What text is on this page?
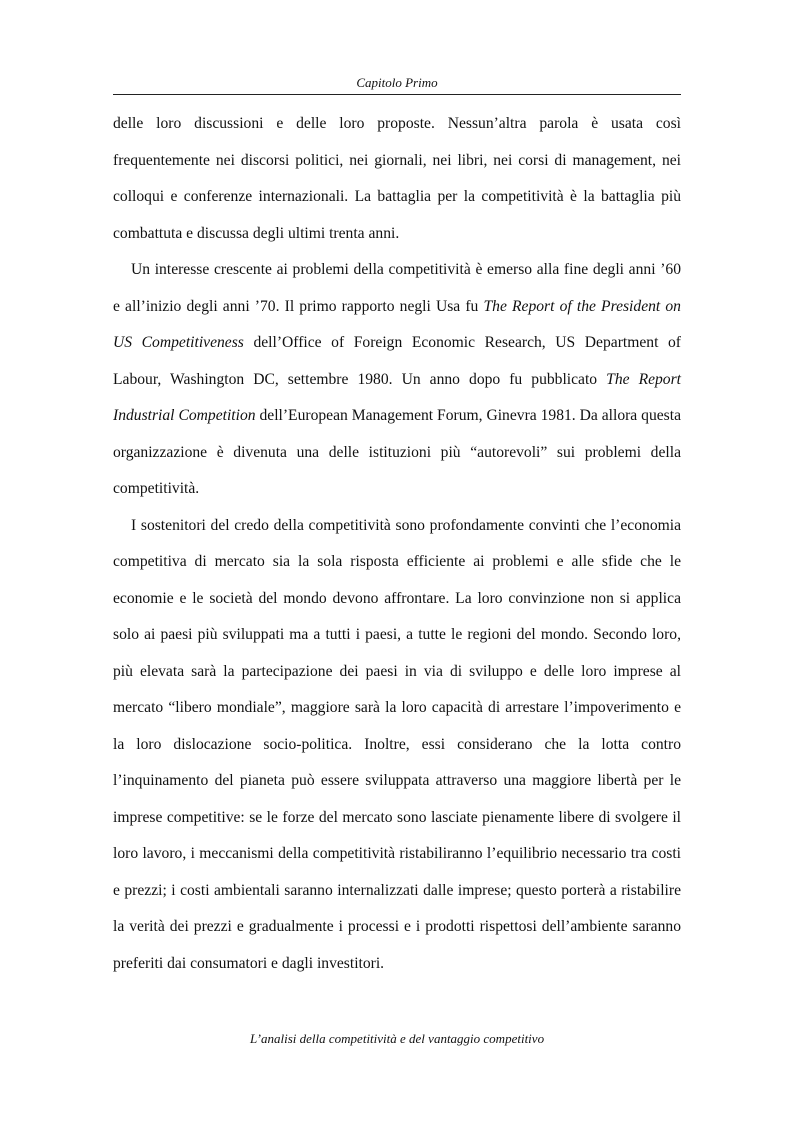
Capitolo Primo

delle loro discussioni e delle loro proposte. Nessun’altra parola è usata così frequentemente nei discorsi politici, nei giornali, nei libri, nei corsi di management, nei colloqui e conferenze internazionali. La battaglia per la competitività è la battaglia più combattuta e discussa degli ultimi trenta anni.

Un interesse crescente ai problemi della competitività è emerso alla fine degli anni ’60 e all’inizio degli anni ’70. Il primo rapporto negli Usa fu The Report of the President on US Competitiveness dell’Office of Foreign Economic Research, US Department of Labour, Washington DC, settembre 1980. Un anno dopo fu pubblicato The Report Industrial Competition dell’European Management Forum, Ginevra 1981. Da allora questa organizzazione è divenuta una delle istituzioni più “autorevoli” sui problemi della competitività.

I sostenitori del credo della competitività sono profondamente convinti che l’economia competitiva di mercato sia la sola risposta efficiente ai problemi e alle sfide che le economie e le società del mondo devono affrontare. La loro convinzione non si applica solo ai paesi più sviluppati ma a tutti i paesi, a tutte le regioni del mondo. Secondo loro, più elevata sarà la partecipazione dei paesi in via di sviluppo e delle loro imprese al mercato “libero mondiale”, maggiore sarà la loro capacità di arrestare l’impoverimento e la loro dislocazione socio-politica. Inoltre, essi considerano che la lotta contro l’inquinamento del pianeta può essere sviluppata attraverso una maggiore libertà per le imprese competitive: se le forze del mercato sono lasciate pienamente libere di svolgere il loro lavoro, i meccanismi della competitività ristabiliranno l’equilibrio necessario tra costi e prezzi; i costi ambientali saranno internalizzati dalle imprese; questo porterà a ristabilire la verità dei prezzi e gradualmente i processi e i prodotti rispettosi dell’ambiente saranno preferiti dai consumatori e dagli investitori.

L’analisi della competitività e del vantaggio competitivo
